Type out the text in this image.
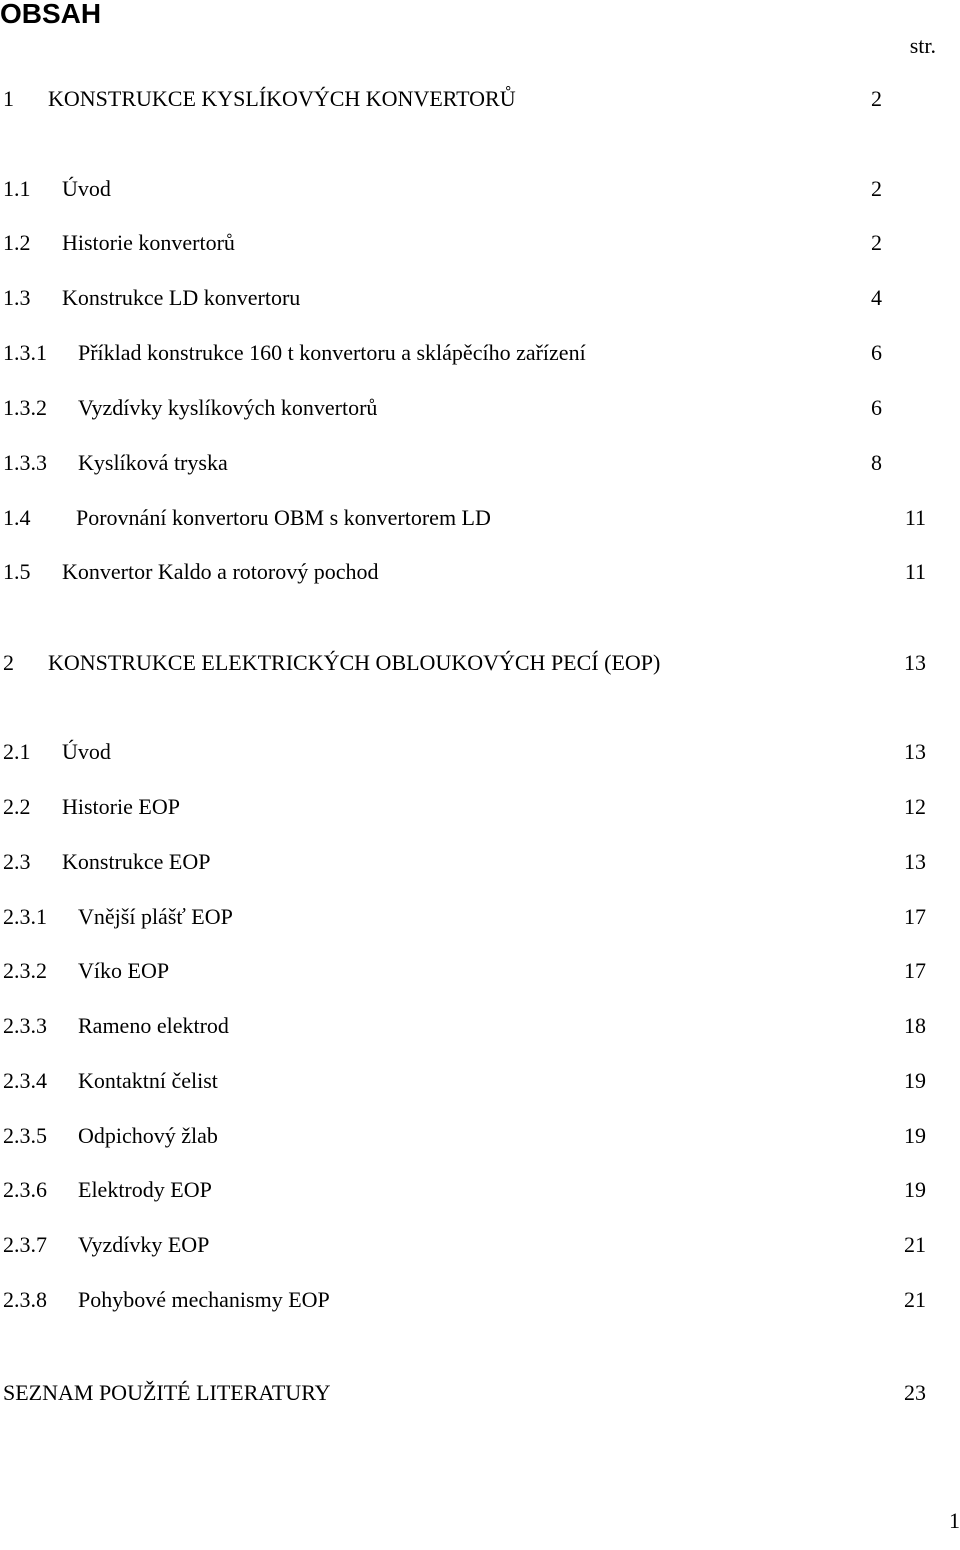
OBSAH
str.
1 KONSTRUKCE KYSLÍKOVÝCH KONVERTORŮ	2
1.1 Úvod	2
1.2 Historie konvertorů	2
1.3 Konstrukce LD konvertoru	4
1.3.1 Příklad konstrukce 160 t konvertoru a sklápěcího zařízení	6
1.3.2 Vyzdívky kyslíkových konvertorů	6
1.3.3 Kyslíková tryska	8
1.4 Porovnání konvertoru OBM s konvertorem LD	11
1.5 Konvertor Kaldo a rotorový pochod	11
2 KONSTRUKCE ELEKTRICKÝCH OBLOUKOVÝCH PECÍ (EOP)	13
2.1 Úvod	13
2.2 Historie EOP	12
2.3 Konstrukce EOP	13
2.3.1 Vnější plášť EOP	17
2.3.2 Víko EOP	17
2.3.3 Rameno elektrod	18
2.3.4 Kontaktní čelist	19
2.3.5 Odpichový žlab	19
2.3.6 Elektrody EOP	19
2.3.7 Vyzdívky EOP	21
2.3.8 Pohybové mechanismy EOP	21
SEZNAM POUŽITÉ LITERATURY	23
1
